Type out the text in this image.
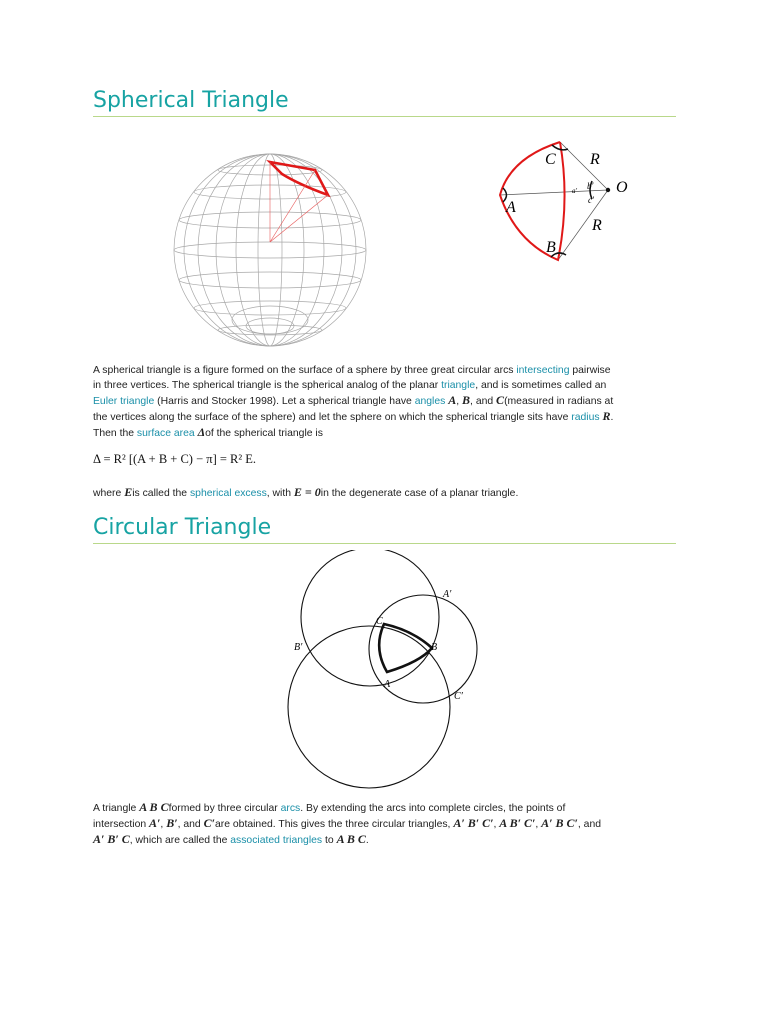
Spherical Triangle
C R
O
b′
c′
a′
A
R
B
A spherical triangle is a figure formed on the surface of a sphere by three great circular arcs intersecting pairwise
in three vertices. The spherical triangle is the spherical analog of the planar triangle, and is sometimes called an
Euler triangle (Harris and Stocker 1998). Let a spherical triangle have angles A, B, and C(measured in radians at
the vertices along the surface of the sphere) and let the sphere on which the spherical triangle sits have radius R.
Then the surface area Δof the spherical triangle is
Δ = R² [(A + B + C) − π] = R² E.
where Eis called the spherical excess, with E = 0in the degenerate case of a planar triangle.
Circular Triangle
A′
C
B′	B
A
C′
A triangle A B Cformed by three circular arcs. By extending the arcs into complete circles, the points of
intersection A′, B′, and C′are obtained. This gives the three circular triangles, A′ B′ C′, A B′ C′, A′ B C′, and
A′ B′ C, which are called the associated triangles to A B C.
